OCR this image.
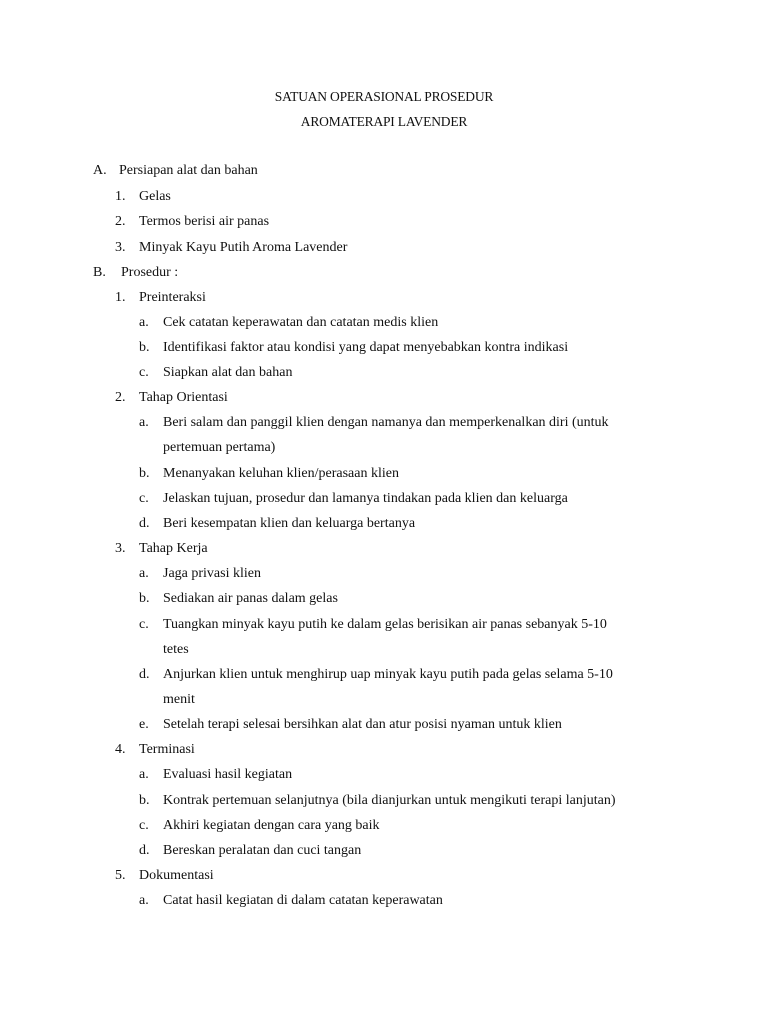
SATUAN OPERASIONAL PROSEDUR
AROMATERAPI LAVENDER
A. Persiapan alat dan bahan
1. Gelas
2. Termos berisi air panas
3. Minyak Kayu Putih Aroma Lavender
B. Prosedur :
1. Preinteraksi
a. Cek catatan keperawatan dan catatan medis klien
b. Identifikasi faktor atau kondisi yang dapat menyebabkan kontra indikasi
c. Siapkan alat dan bahan
2. Tahap Orientasi
a. Beri salam dan panggil klien dengan namanya dan memperkenalkan diri (untuk
pertemuan pertama)
b. Menanyakan keluhan klien/perasaan klien
c. Jelaskan tujuan, prosedur dan lamanya tindakan pada klien dan keluarga
d. Beri kesempatan klien dan keluarga bertanya
3. Tahap Kerja
a. Jaga privasi klien
b. Sediakan air panas dalam gelas
c. Tuangkan minyak kayu putih ke dalam gelas berisikan air panas sebanyak 5-10
tetes
d. Anjurkan klien untuk menghirup uap minyak kayu putih pada gelas selama 5-10
menit
e. Setelah terapi selesai bersihkan alat dan atur posisi nyaman untuk klien
4. Terminasi
a. Evaluasi hasil kegiatan
b. Kontrak pertemuan selanjutnya (bila dianjurkan untuk mengikuti terapi lanjutan)
c. Akhiri kegiatan dengan cara yang baik
d. Bereskan peralatan dan cuci tangan
5. Dokumentasi
a. Catat hasil kegiatan di dalam catatan keperawatan
